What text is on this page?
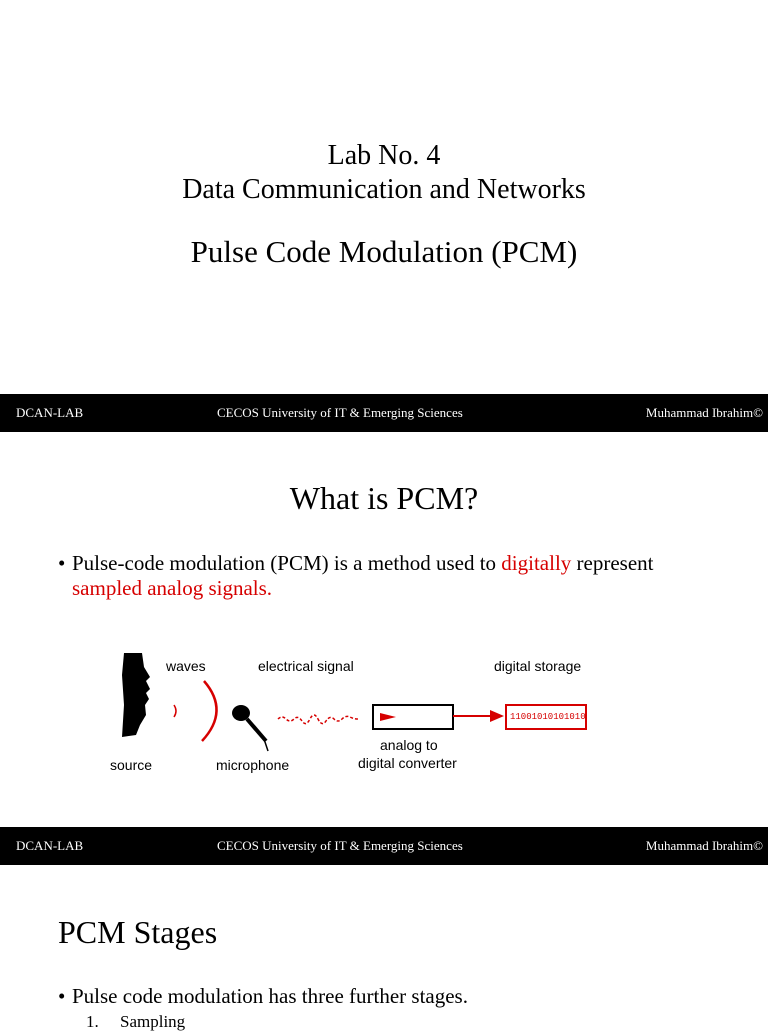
Lab No. 4
Data Communication and Networks
Pulse Code Modulation (PCM)
DCAN-LAB	CECOS University of IT & Emerging Sciences	Muhammad Ibrahim©
What is PCM?
• Pulse-code modulation (PCM) is a method used to digitally represent
sampled analog signals.
waves	electrical signal	digital storage
source	microphone
analog to
digital converter
11001010101010
DCAN-LAB	CECOS University of IT & Emerging Sciences	Muhammad Ibrahim©
PCM Stages
• Pulse code modulation has three further stages.
1. Sampling
